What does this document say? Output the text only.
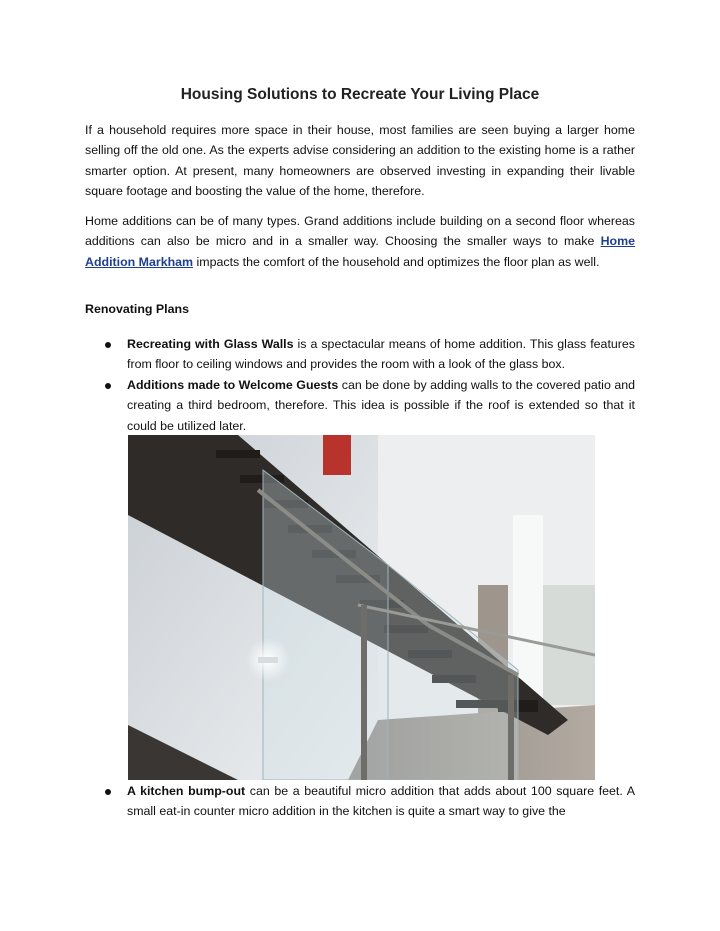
Housing Solutions to Recreate Your Living Place

If a household requires more space in their house, most families are seen buying a larger home selling off the old one. As the experts advise considering an addition to the existing home is a rather smarter option. At present, many homeowners are observed investing in expanding their livable square footage and boosting the value of the home, therefore.

Home additions can be of many types. Grand additions include building on a second floor whereas additions can also be micro and in a smaller way. Choosing the smaller ways to make Home Addition Markham impacts the comfort of the household and optimizes the floor plan as well.

Renovating Plans
Recreating with Glass Walls is a spectacular means of home addition. This glass features from floor to ceiling windows and provides the room with a look of the glass box.
Additions made to Welcome Guests can be done by adding walls to the covered patio and creating a third bedroom, therefore. This idea is possible if the roof is extended so that it could be utilized later.
A kitchen bump-out can be a beautiful micro addition that adds about 100 square feet. A small eat-in counter micro addition in the kitchen is quite a smart way to give the
